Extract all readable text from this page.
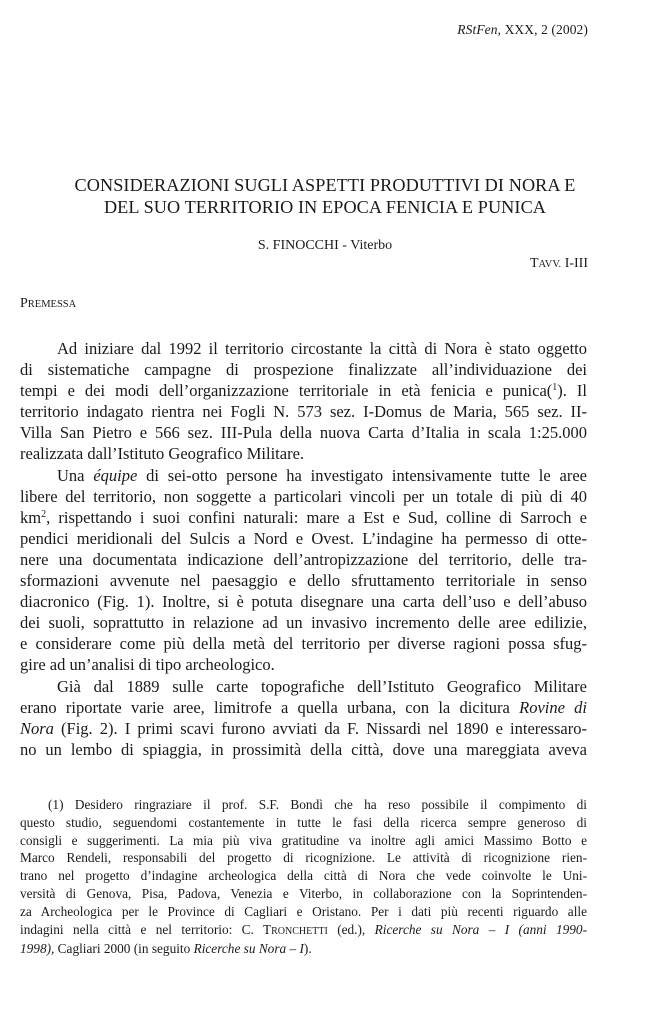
RStFen, XXX, 2 (2002)
CONSIDERAZIONI SUGLI ASPETTI PRODUTTIVI DI NORA E
DEL SUO TERRITORIO IN EPOCA FENICIA E PUNICA
S. FINOCCHI - Viterbo
TAVV. I-III
PREMESSA
Ad iniziare dal 1992 il territorio circostante la città di Nora è stato oggetto
di sistematiche campagne di prospezione finalizzate all’individuazione dei
tempi e dei modi dell’organizzazione territoriale in età fenicia e punica($^1$). Il
territorio indagato rientra nei Fogli N. 573 sez. I-Domus de Maria, 565 sez. II-
Villa San Pietro e 566 sez. III-Pula della nuova Carta d’Italia in scala 1:25.000
realizzata dall’Istituto Geografico Militare.
Una équipe di sei-otto persone ha investigato intensivamente tutte le aree
libere del territorio, non soggette a particolari vincoli per un totale di più di 40
$km^2$, rispettando i suoi confini naturali: mare a Est e Sud, colline di Sarroch e
pendici meridionali del Sulcis a Nord e Ovest. L’indagine ha permesso di otte-
nere una documentata indicazione dell’antropizzazione del territorio, delle tra-
sformazioni avvenute nel paesaggio e dello sfruttamento territoriale in senso
diacronico (Fig. 1). Inoltre, si è potuta disegnare una carta dell’uso e dell’abuso
dei suoli, soprattutto in relazione ad un invasivo incremento delle aree edilizie,
e considerare come più della metà del territorio per diverse ragioni possa sfug-
gire ad un’analisi di tipo archeologico.
Già dal 1889 sulle carte topografiche dell’Istituto Geografico Militare
erano riportate varie aree, limitrofe a quella urbana, con la dicitura Rovine di
Nora (Fig. 2). I primi scavi furono avviati da F. Nissardi nel 1890 e interessaro-
no un lembo di spiaggia, in prossimità della città, dove una mareggiata aveva
(1) Desidero ringraziare il prof. S.F. Bondì che ha reso possibile il compimento di
questo studio, seguendomi costantemente in tutte le fasi della ricerca sempre generoso di
consigli e suggerimenti. La mia più viva gratitudine va inoltre agli amici Massimo Botto e
Marco Rendeli, responsabili del progetto di ricognizione. Le attività di ricognizione rien-
trano nel progetto d’indagine archeologica della città di Nora che vede coinvolte le Uni-
versità di Genova, Pisa, Padova, Venezia e Viterbo, in collaborazione con la Soprintenden-
za Archeologica per le Province di Cagliari e Oristano. Per i dati più recenti riguardo alle
indagini nella città e nel territorio: C. TRONCHETTI (ed.), Ricerche su Nora – I (anni 1990-
1998), Cagliari 2000 (in seguito Ricerche su Nora – I).
